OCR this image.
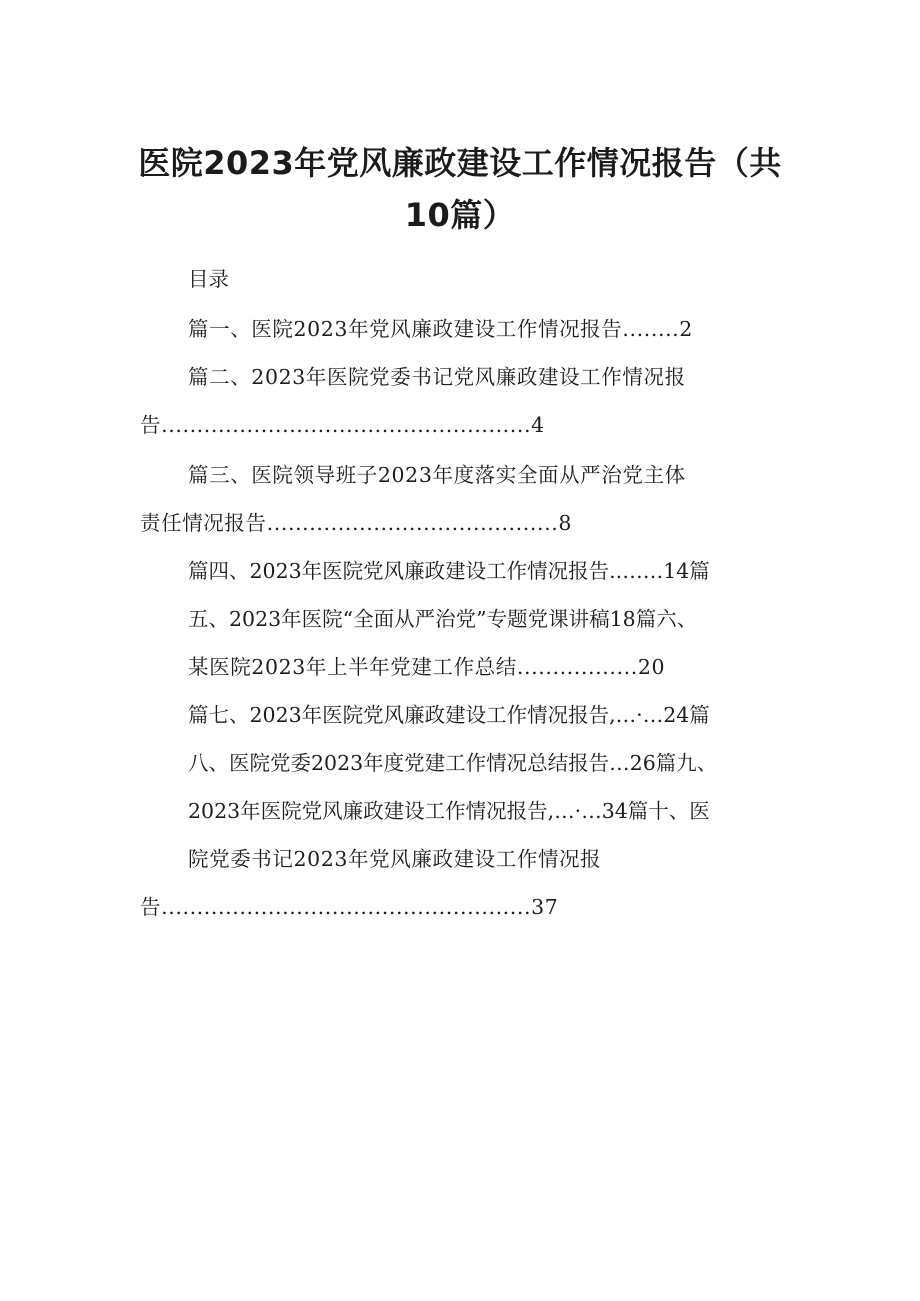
医院2023年党风廉政建设工作情况报告（共
10篇）
目录
篇一、医院2023年党风廉政建设工作情况报告........2
篇二、2023年医院党委书记党风廉政建设工作情况报
告....................................................4
篇三、医院领导班子2023年度落实全面从严治党主体
责任情况报告.........................................8
篇四、2023年医院党风廉政建设工作情况报告..……14篇
五、2023年医院“全面从严治党”专题党课讲稿18篇六、
某医院2023年上半年党建工作总结.................20
篇七、2023年医院党风廉政建设工作情况报告,…·…24篇
八、医院党委2023年度党建工作情况总结报告…26篇九、
2023年医院党风廉政建设工作情况报告,…·…34篇十、医
院党委书记2023年党风廉政建设工作情况报
告....................................................37
